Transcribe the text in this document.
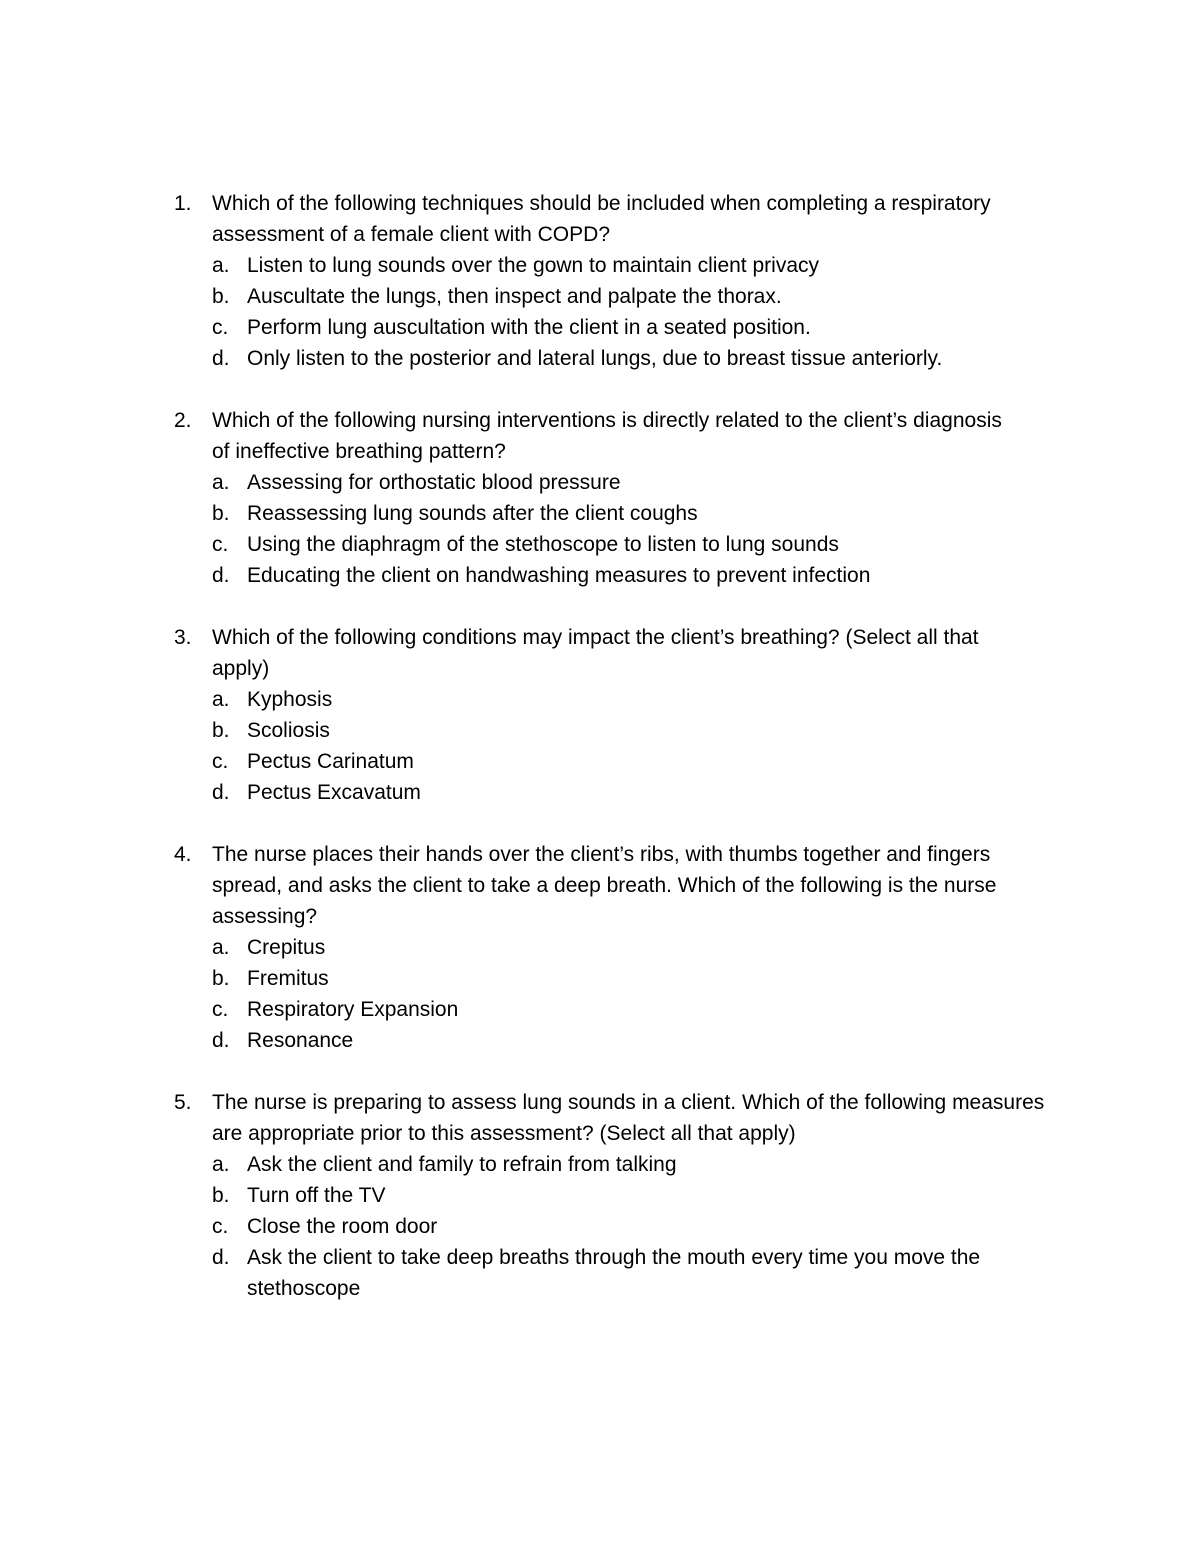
1. Which of the following techniques should be included when completing a respiratory
assessment of a female client with COPD?
a. Listen to lung sounds over the gown to maintain client privacy
b. Auscultate the lungs, then inspect and palpate the thorax.
c. Perform lung auscultation with the client in a seated position.
d. Only listen to the posterior and lateral lungs, due to breast tissue anteriorly.
2. Which of the following nursing interventions is directly related to the client’s diagnosis
of ineffective breathing pattern?
a. Assessing for orthostatic blood pressure
b. Reassessing lung sounds after the client coughs
c. Using the diaphragm of the stethoscope to listen to lung sounds
d. Educating the client on handwashing measures to prevent infection
3. Which of the following conditions may impact the client’s breathing? (Select all that
apply)
a. Kyphosis
b. Scoliosis
c. Pectus Carinatum
d. Pectus Excavatum
4. The nurse places their hands over the client’s ribs, with thumbs together and fingers
spread, and asks the client to take a deep breath. Which of the following is the nurse
assessing?
a. Crepitus
b. Fremitus
c. Respiratory Expansion
d. Resonance
5. The nurse is preparing to assess lung sounds in a client. Which of the following measures
are appropriate prior to this assessment? (Select all that apply)
a. Ask the client and family to refrain from talking
b. Turn off the TV
c. Close the room door
d. Ask the client to take deep breaths through the mouth every time you move the
stethoscope
